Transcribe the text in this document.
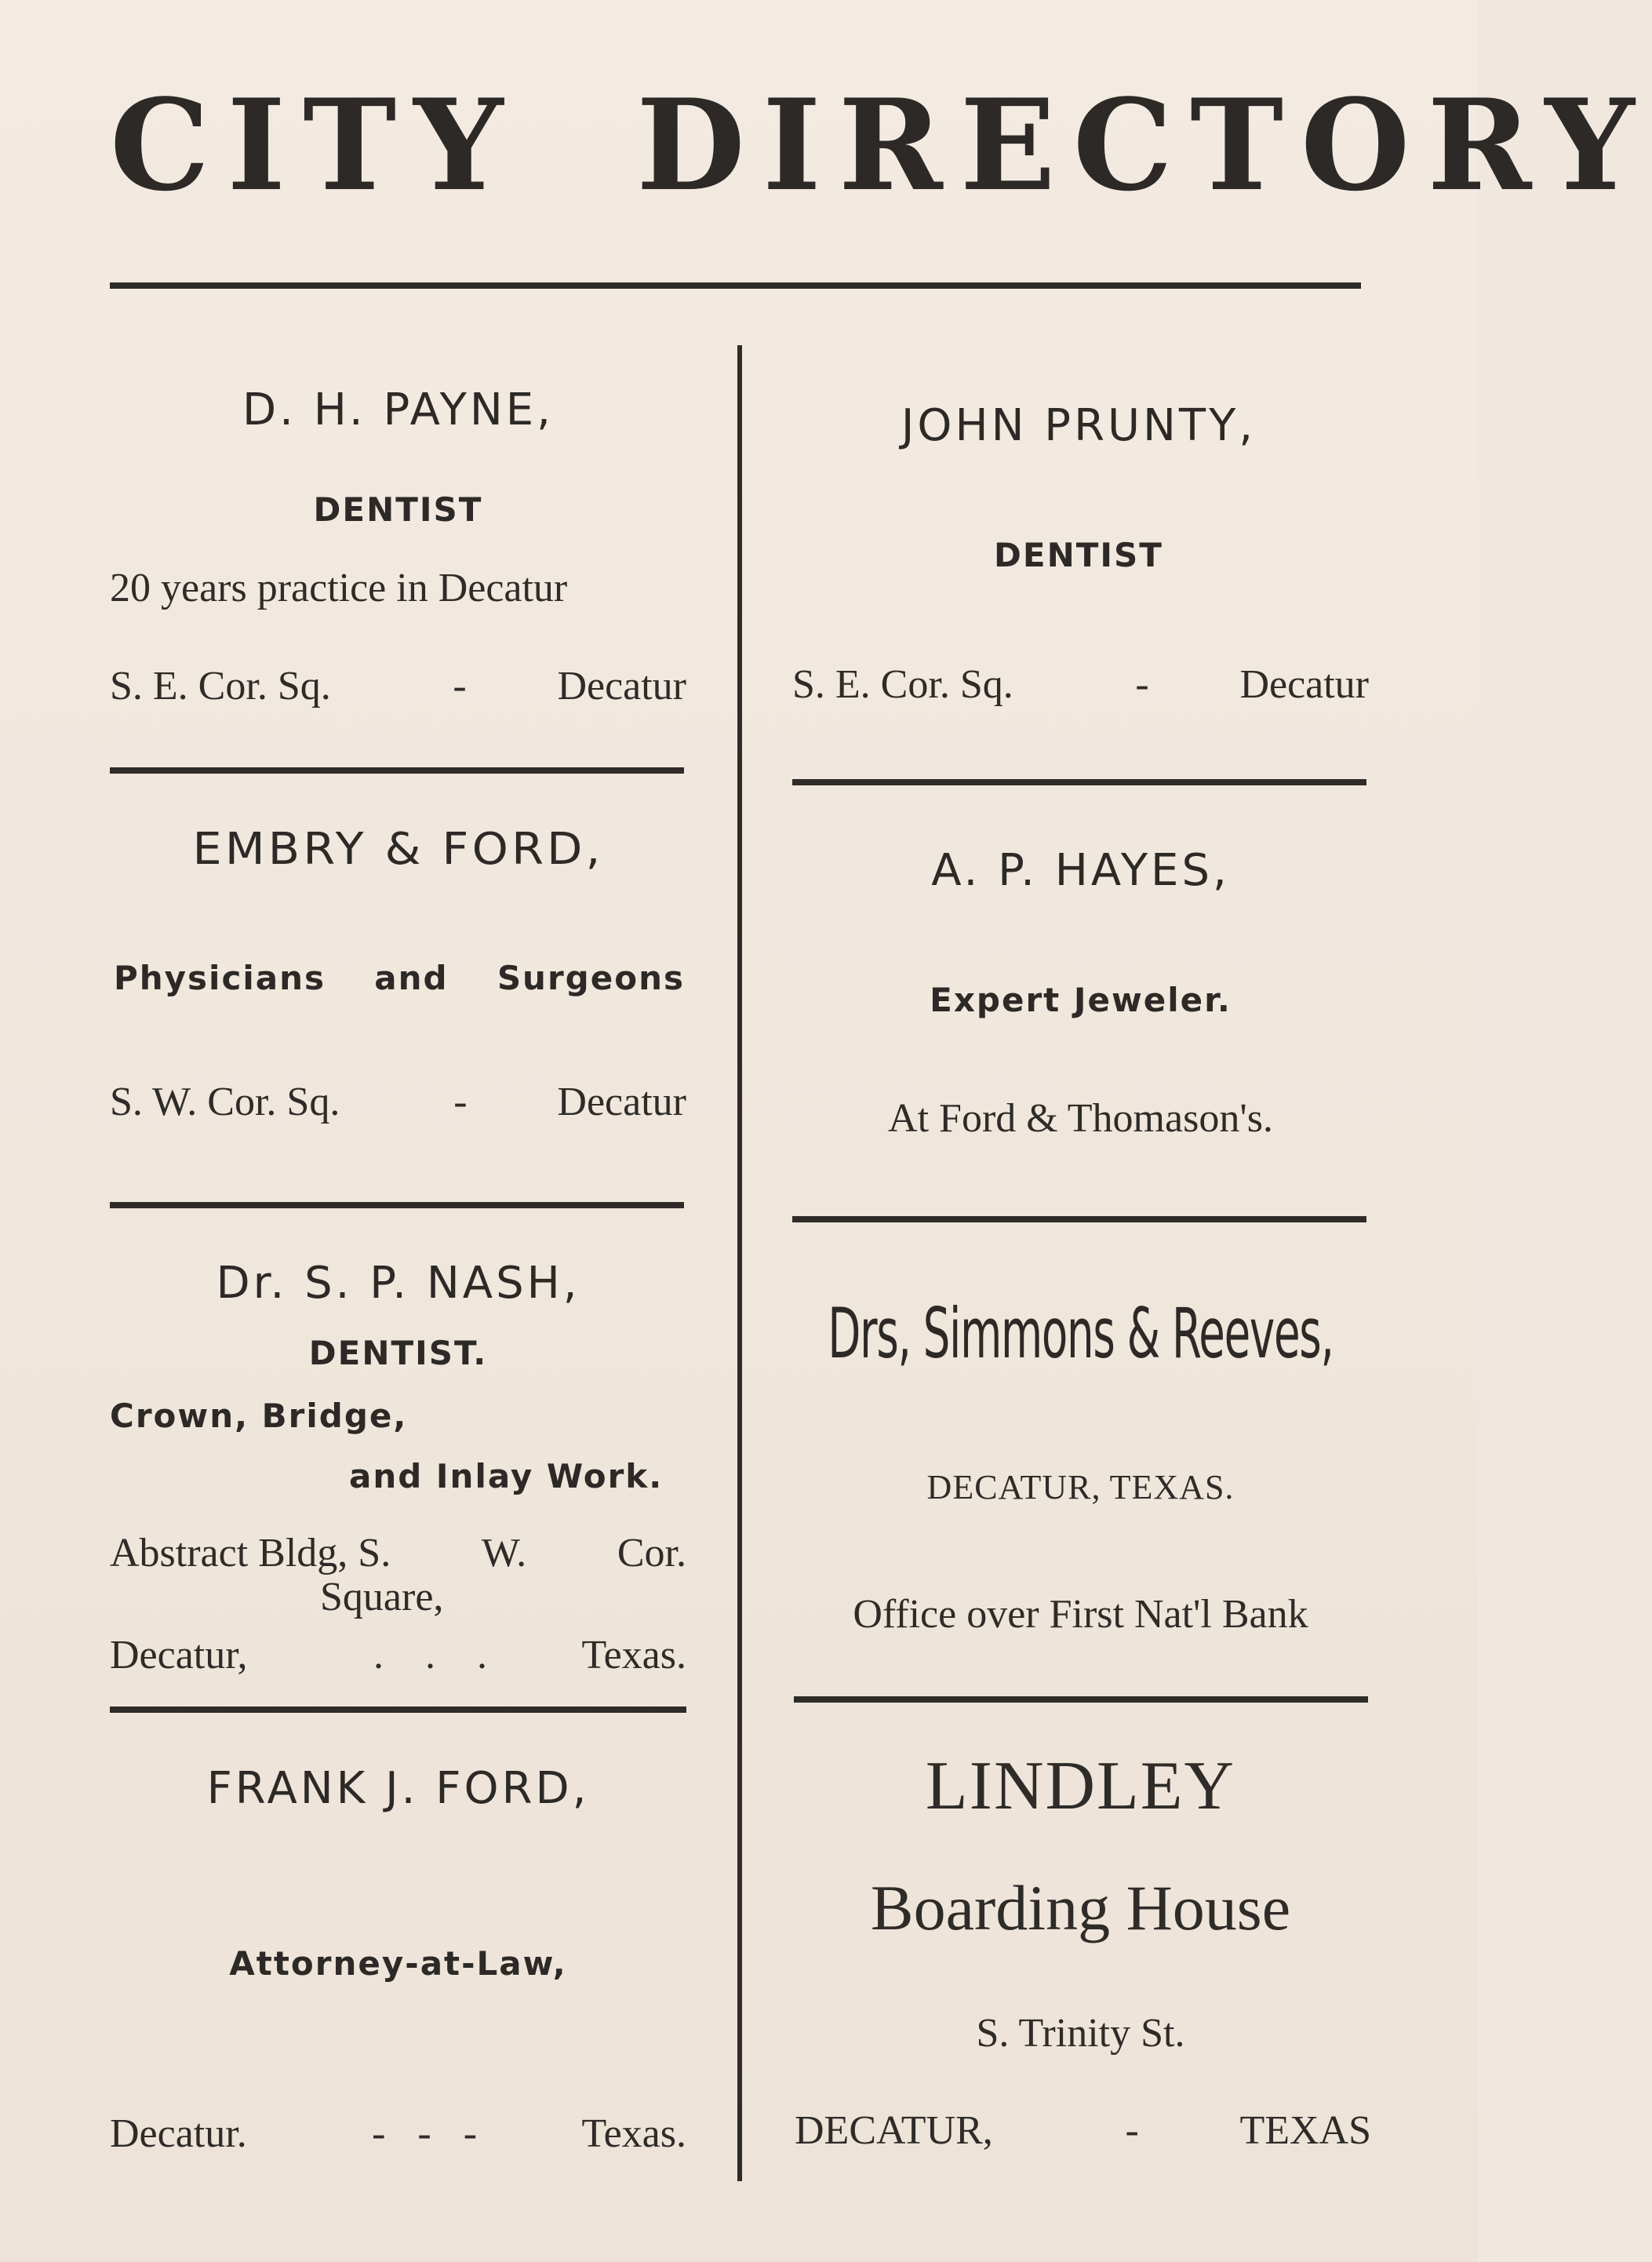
CITY DIRECTORY
D. H. PAYNE,
DENTIST
20 years practice in Decatur
S. E. Cor. Sq.	- Decatur
EMBRY & FORD,
Physicians and Surgeons
S. W. Cor. Sq.	- Decatur
Dr. S. P. NASH,
DENTIST.
Crown, Bridge,
and Inlay Work.
Abstract Bldg, S. W. Cor.
Square,
Decatur,	. . . Texas.
FRANK J. FORD,
Attorney-at-Law,
Decatur.	- - - Texas.
JOHN PRUNTY,
DENTIST
S. E. Cor. Sq.	- Decatur
A. P. HAYES,
Expert Jeweler.
At Ford & Thomason's.
Drs, Simmons & Reeves,
DECATUR, TEXAS.
Office over First Nat'l Bank
LINDLEY
Boarding House
S. Trinity St.
DECATUR,	- TEXAS
